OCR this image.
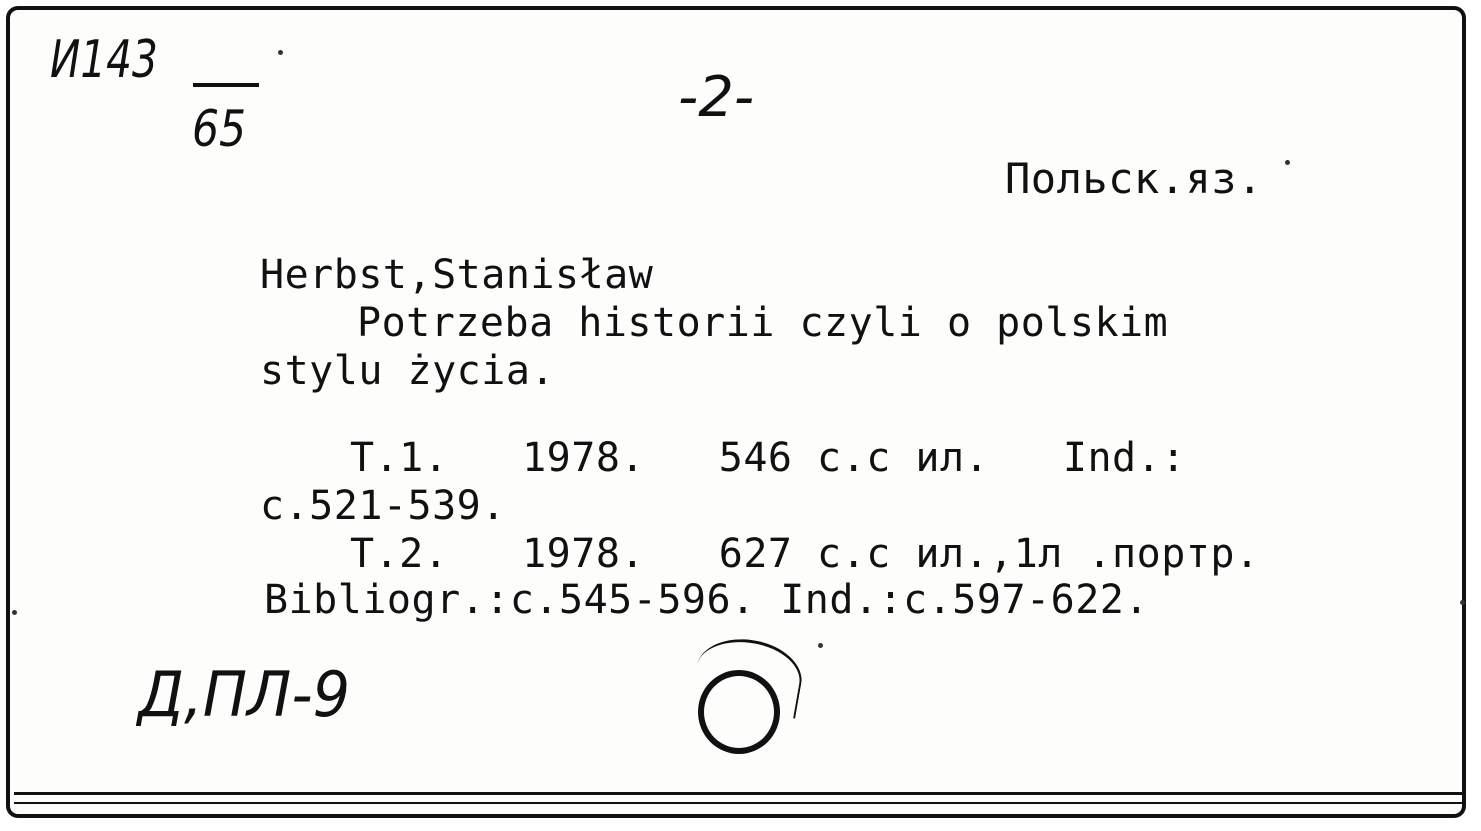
И143
65	-2-
Польск.яз.
Herbst,Stanisław
Potrzeba historii czyli o polskim
stylu życia.
T.1.   1978.   546 c.c ил.   Ind.:
c.521-539.
T.2.   1978.   627 c.c ил.,1л .портр.
Bibliogr.:c.545-596. Ind.:c.597-622.
Д,ПЛ-9
